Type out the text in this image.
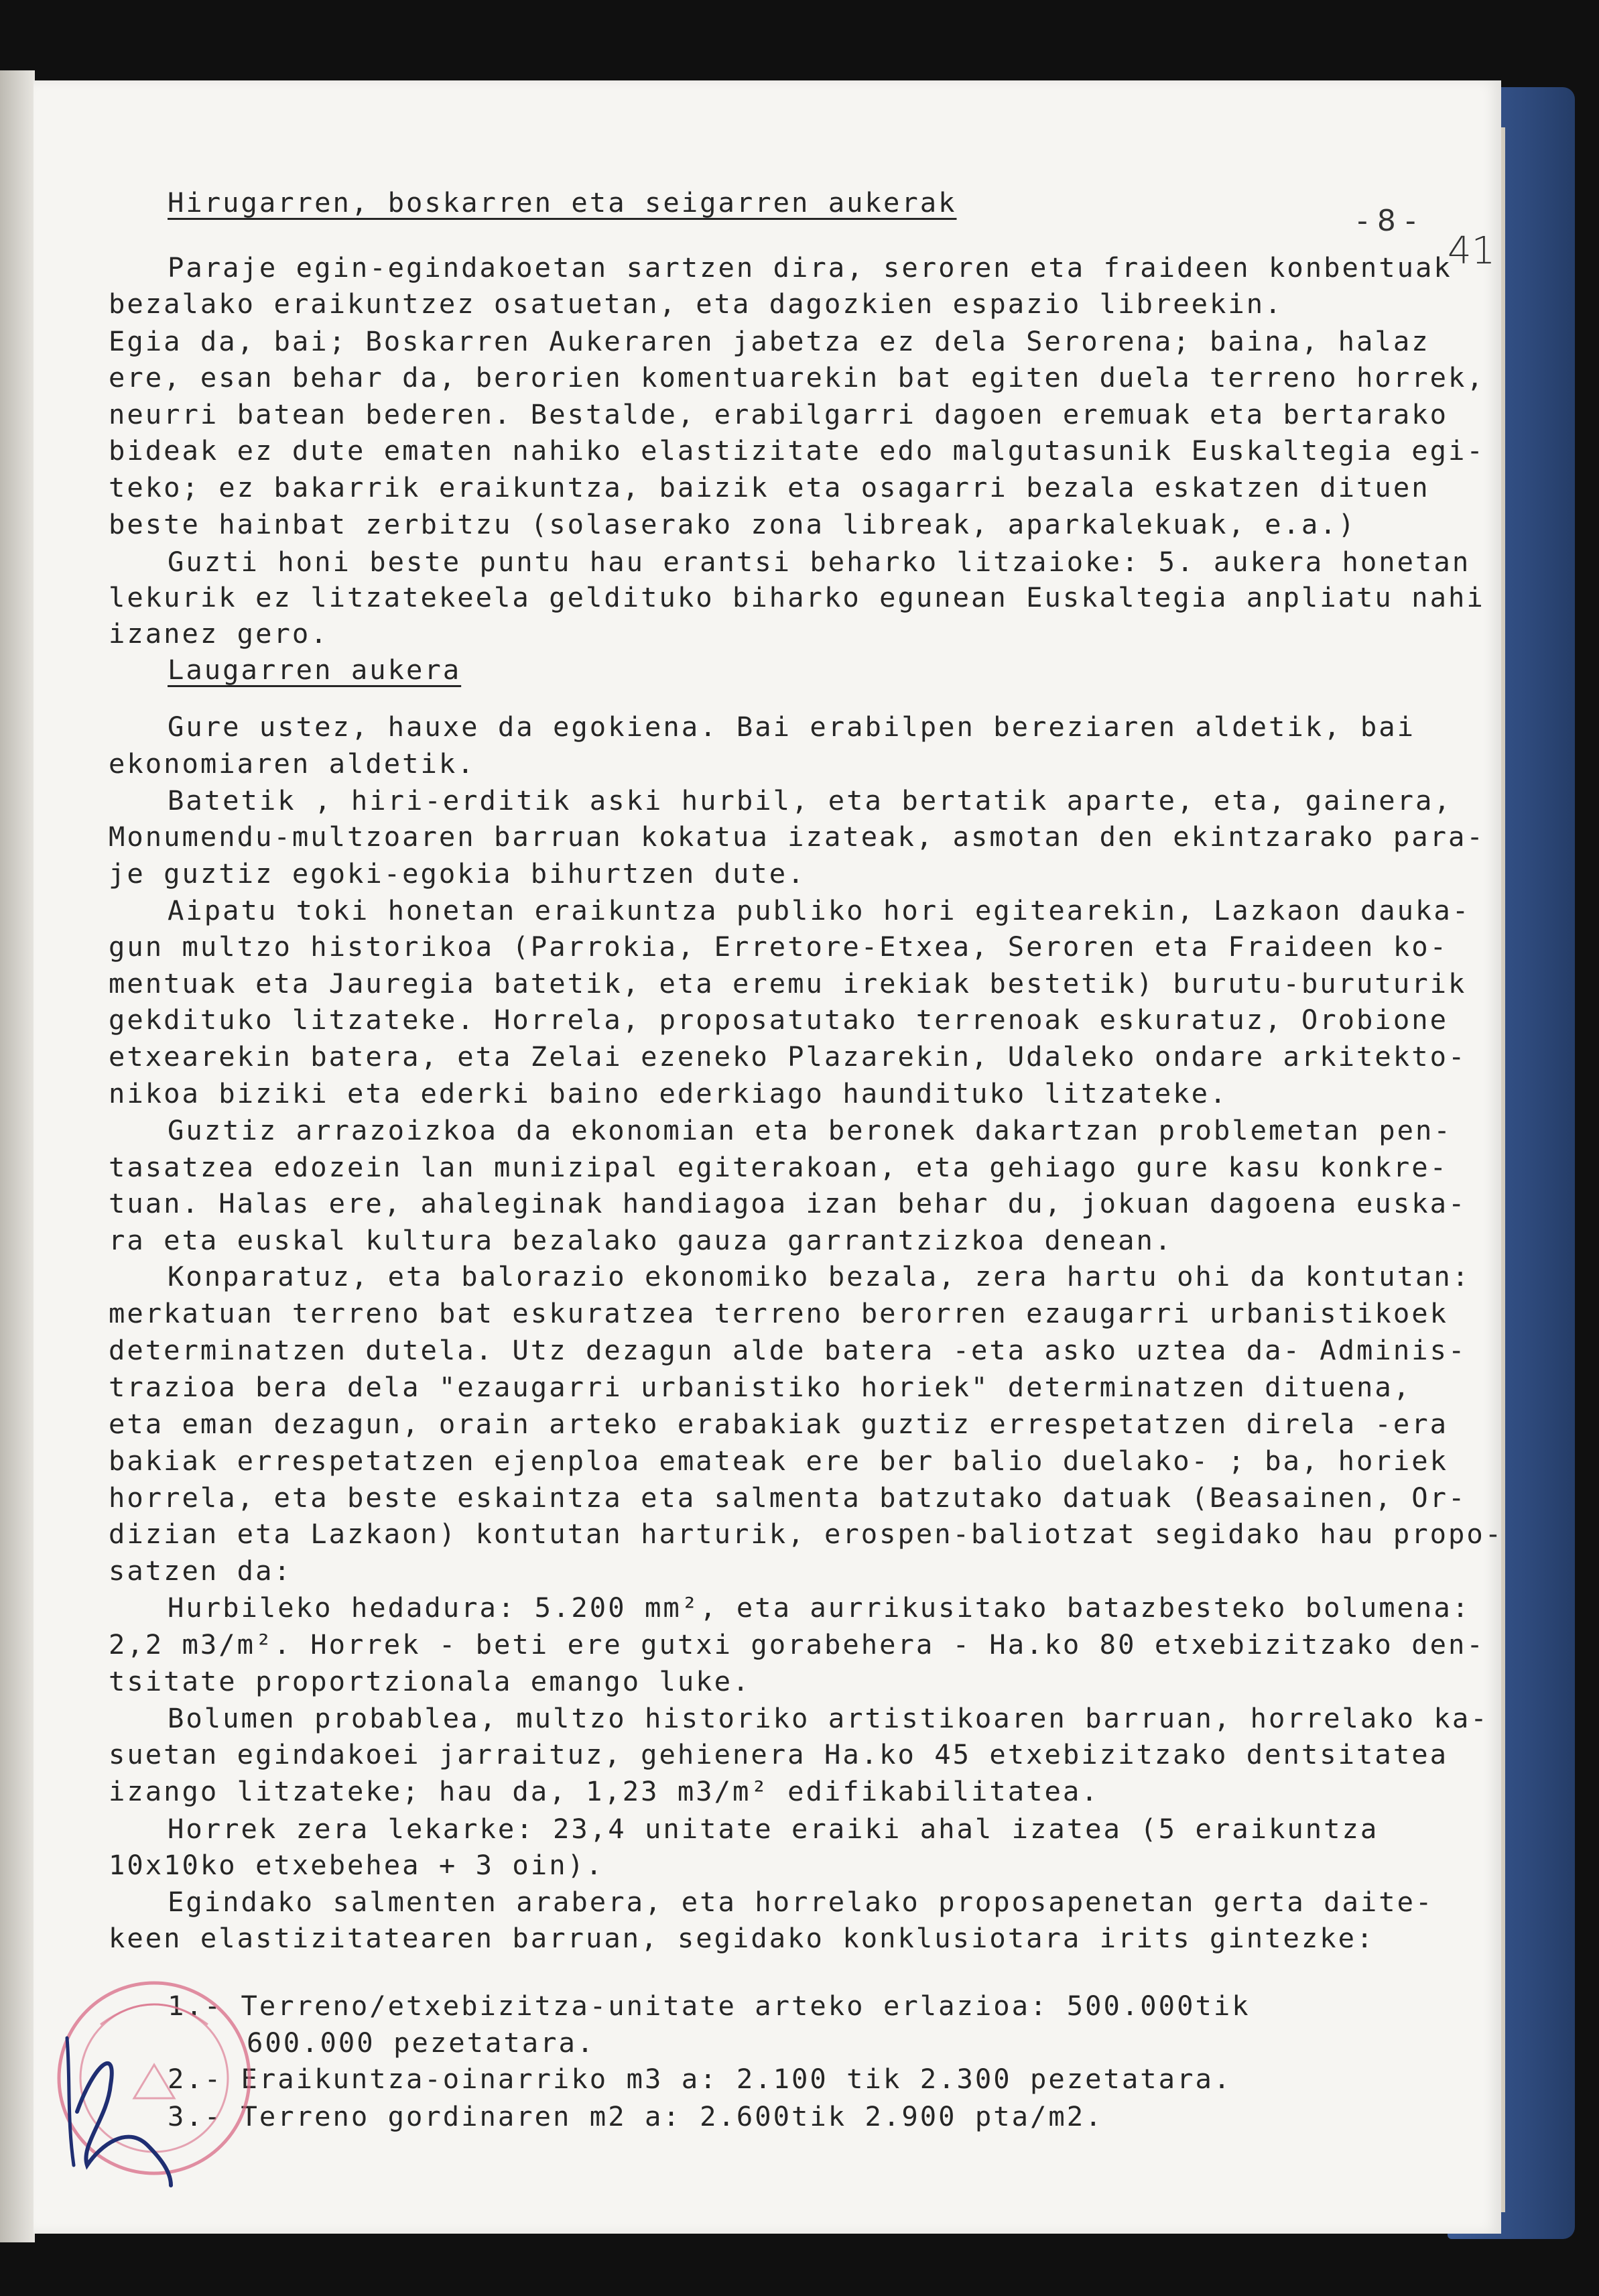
- 8 -
41

Hirugarren, boskarren eta seigarren aukerak

Paraje egin-egindakoetan sartzen dira, seroren eta fraideen konbentuak

bezalako eraikuntzez osatuetan, eta dagozkien espazio libreekin.

Egia da, bai; Boskarren Aukeraren jabetza ez dela Serorena; baina, halaz

ere, esan behar da, berorien komentuarekin bat egiten duela terreno horrek,

neurri batean bederen. Bestalde, erabilgarri dagoen eremuak eta bertarako

bideak ez dute ematen nahiko elastizitate edo malgutasunik Euskaltegia egi-

teko; ez bakarrik eraikuntza, baizik eta osagarri bezala eskatzen dituen

beste hainbat zerbitzu (solaserako zona libreak, aparkalekuak, e.a.)

Guzti honi beste puntu hau erantsi beharko litzaioke: 5. aukera honetan

lekurik ez litzatekeela geldituko biharko egunean Euskaltegia anpliatu nahi

izanez gero.

Laugarren aukera

Gure ustez, hauxe da egokiena. Bai erabilpen bereziaren aldetik, bai

ekonomiaren aldetik.

Batetik , hiri-erditik aski hurbil, eta bertatik aparte, eta, gainera,

Monumendu-multzoaren barruan kokatua izateak, asmotan den ekintzarako para-

je guztiz egoki-egokia bihurtzen dute.

Aipatu toki honetan eraikuntza publiko hori egitearekin, Lazkaon dauka-

gun multzo historikoa (Parrokia, Erretore-Etxea, Seroren eta Fraideen ko-

mentuak eta Jauregia batetik, eta eremu irekiak bestetik) burutu-buruturik

gekdituko litzateke. Horrela, proposatutako terrenoak eskuratuz, Orobione

etxearekin batera, eta Zelai ezeneko Plazarekin, Udaleko ondare arkitekto-

nikoa biziki eta ederki baino ederkiago haundituko litzateke.

Guztiz arrazoizkoa da ekonomian eta beronek dakartzan problemetan pen-

tasatzea edozein lan munizipal egiterakoan, eta gehiago gure kasu konkre-

tuan. Halas ere, ahaleginak handiagoa izan behar du, jokuan dagoena euska-

ra eta euskal kultura bezalako gauza garrantzizkoa denean.

Konparatuz, eta balorazio ekonomiko bezala, zera hartu ohi da kontutan:

merkatuan terreno bat eskuratzea terreno berorren ezaugarri urbanistikoek

determinatzen dutela. Utz dezagun alde batera -eta asko uztea da- Adminis-

trazioa bera dela "ezaugarri urbanistiko horiek" determinatzen dituena,

eta eman dezagun, orain arteko erabakiak guztiz errespetatzen direla -era

bakiak errespetatzen ejenploa emateak ere ber balio duelako- ; ba, horiek

horrela, eta beste eskaintza eta salmenta batzutako datuak (Beasainen, Or-

dizian eta Lazkaon) kontutan harturik, erospen-baliotzat segidako hau propo-

satzen da:

Hurbileko hedadura: 5.200 mm², eta aurrikusitako batazbesteko bolumena:

2,2 m3/m². Horrek - beti ere gutxi gorabehera - Ha.ko 80 etxebizitzako den-

tsitate proportzionala emango luke.

Bolumen probablea, multzo historiko artistikoaren barruan, horrelako ka-

suetan egindakoei jarraituz, gehienera Ha.ko 45 etxebizitzako dentsitatea

izango litzateke; hau da, 1,23 m3/m² edifikabilitatea.

Horrek zera lekarke: 23,4 unitate eraiki ahal izatea (5 eraikuntza

10x10ko etxebehea + 3 oin).

Egindako salmenten arabera, eta horrelako proposapenetan gerta daite-

keen elastizitatearen barruan, segidako konklusiotara irits gintezke:

1.- Terreno/etxebizitza-unitate arteko erlazioa: 500.000tik

600.000 pezetatara.

2.- Eraikuntza-oinarriko m3 a: 2.100 tik 2.300 pezetatara.

3.- Terreno gordinaren m2 a: 2.600tik 2.900 pta/m2.
